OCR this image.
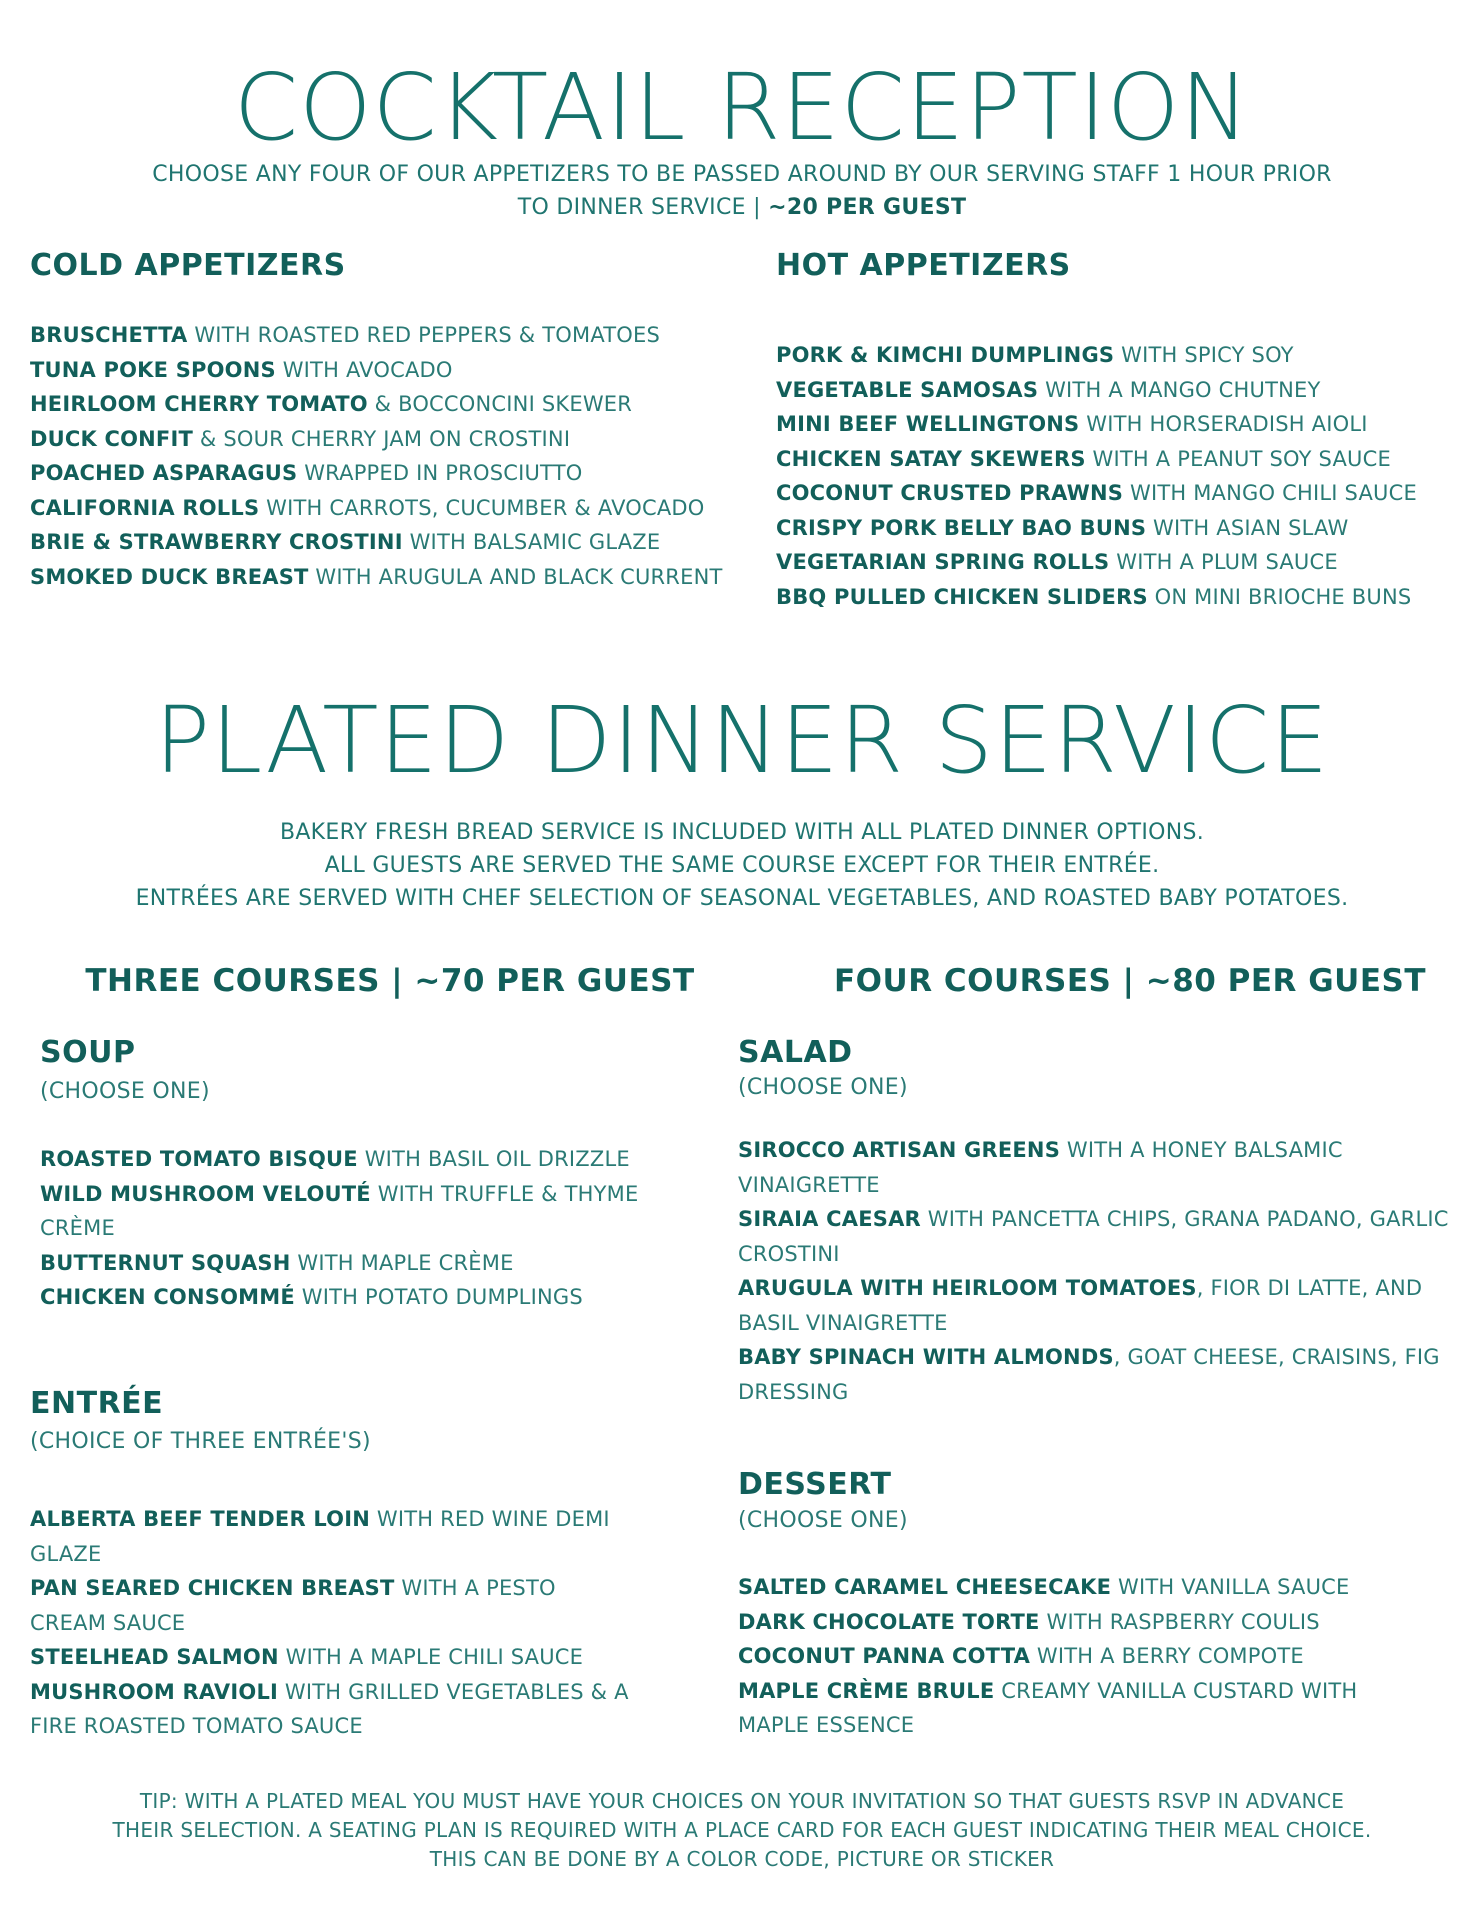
COCKTAIL RECEPTION
CHOOSE ANY FOUR OF OUR APPETIZERS TO BE PASSED AROUND BY OUR SERVING STAFF 1 HOUR PRIOR
TO DINNER SERVICE | ~20 PER GUEST
COLD APPETIZERS
BRUSCHETTA WITH ROASTED RED PEPPERS & TOMATOES
TUNA POKE SPOONS WITH AVOCADO
HEIRLOOM CHERRY TOMATO & BOCCONCINI SKEWER
DUCK CONFIT & SOUR CHERRY JAM ON CROSTINI
POACHED ASPARAGUS WRAPPED IN PROSCIUTTO
CALIFORNIA ROLLS WITH CARROTS, CUCUMBER & AVOCADO
BRIE & STRAWBERRY CROSTINI WITH BALSAMIC GLAZE
SMOKED DUCK BREAST WITH ARUGULA AND BLACK CURRENT
HOT APPETIZERS
PORK & KIMCHI DUMPLINGS WITH SPICY SOY
VEGETABLE SAMOSAS WITH A MANGO CHUTNEY
MINI BEEF WELLINGTONS WITH HORSERADISH AIOLI
CHICKEN SATAY SKEWERS WITH A PEANUT SOY SAUCE
COCONUT CRUSTED PRAWNS WITH MANGO CHILI SAUCE
CRISPY PORK BELLY BAO BUNS WITH ASIAN SLAW
VEGETARIAN SPRING ROLLS WITH A PLUM SAUCE
BBQ PULLED CHICKEN SLIDERS ON MINI BRIOCHE BUNS
PLATED DINNER SERVICE
BAKERY FRESH BREAD SERVICE IS INCLUDED WITH ALL PLATED DINNER OPTIONS.
ALL GUESTS ARE SERVED THE SAME COURSE EXCEPT FOR THEIR ENTRÉE.
ENTRÉES ARE SERVED WITH CHEF SELECTION OF SEASONAL VEGETABLES, AND ROASTED BABY POTATOES.
THREE COURSES | ~70 PER GUEST	FOUR COURSES | ~80 PER GUEST
SOUP
(CHOOSE ONE)
ROASTED TOMATO BISQUE WITH BASIL OIL DRIZZLE
WILD MUSHROOM VELOUTÉ WITH TRUFFLE & THYME
CRÈME
BUTTERNUT SQUASH WITH MAPLE CRÈME
CHICKEN CONSOMMÉ WITH POTATO DUMPLINGS
ENTRÉE
(CHOICE OF THREE ENTRÉE'S)
ALBERTA BEEF TENDER LOIN WITH RED WINE DEMI
GLAZE
PAN SEARED CHICKEN BREAST WITH A PESTO
CREAM SAUCE
STEELHEAD SALMON WITH A MAPLE CHILI SAUCE
MUSHROOM RAVIOLI WITH GRILLED VEGETABLES & A
FIRE ROASTED TOMATO SAUCE
SALAD
(CHOOSE ONE)
SIROCCO ARTISAN GREENS WITH A HONEY BALSAMIC
VINAIGRETTE
SIRAIA CAESAR WITH PANCETTA CHIPS, GRANA PADANO, GARLIC
CROSTINI
ARUGULA WITH HEIRLOOM TOMATOES, FIOR DI LATTE, AND
BASIL VINAIGRETTE
BABY SPINACH WITH ALMONDS, GOAT CHEESE, CRAISINS, FIG
DRESSING
DESSERT
(CHOOSE ONE)
SALTED CARAMEL CHEESECAKE WITH VANILLA SAUCE
DARK CHOCOLATE TORTE WITH RASPBERRY COULIS
COCONUT PANNA COTTA WITH A BERRY COMPOTE
MAPLE CRÈME BRULE CREAMY VANILLA CUSTARD WITH
MAPLE ESSENCE
TIP: WITH A PLATED MEAL YOU MUST HAVE YOUR CHOICES ON YOUR INVITATION SO THAT GUESTS RSVP IN ADVANCE
THEIR SELECTION. A SEATING PLAN IS REQUIRED WITH A PLACE CARD FOR EACH GUEST INDICATING THEIR MEAL CHOICE.
THIS CAN BE DONE BY A COLOR CODE, PICTURE OR STICKER
